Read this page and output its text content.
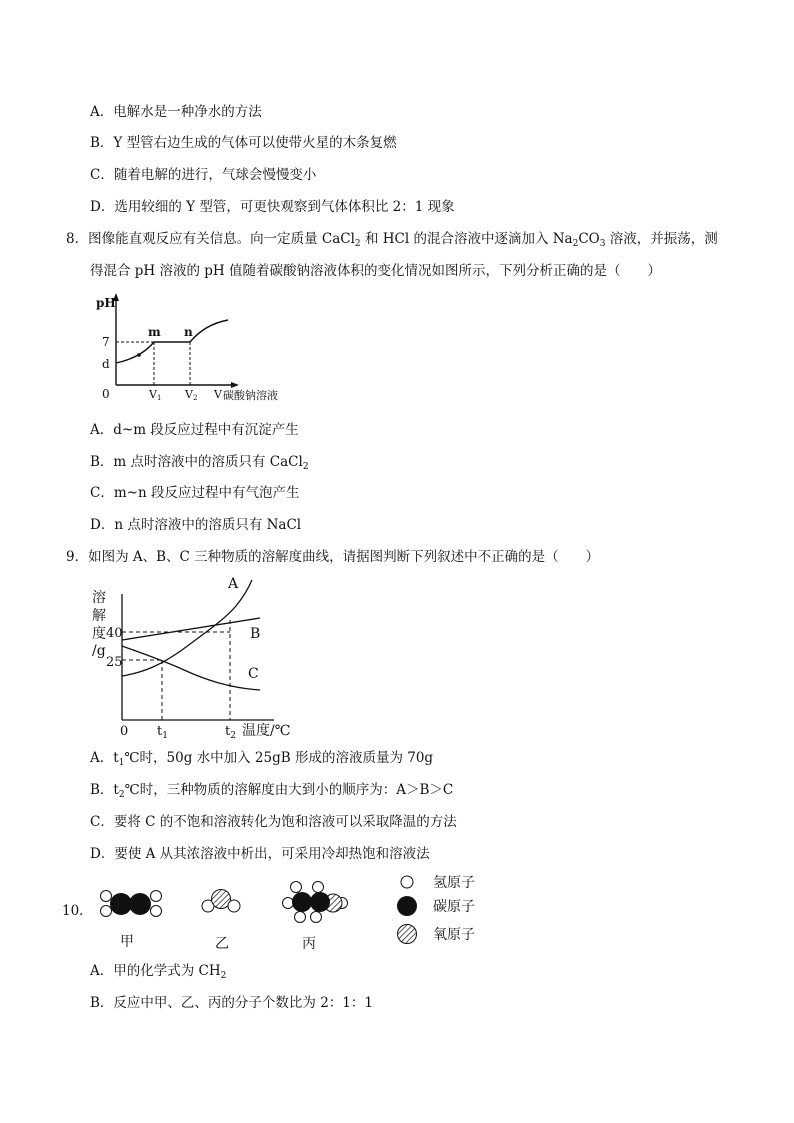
A．电解水是一种净水的方法
B．Y 型管右边生成的气体可以使带火星的木条复燃
C．随着电解的进行，气球会慢慢变小
D．选用较细的 Y 型管，可更快观察到气体体积比 2：1 现象
8．图像能直观反应有关信息。向一定质量 CaCl$_2$ 和 HCl 的混合溶液中逐滴加入 $Na_2CO_3$ 溶液，并振荡，测
得混合 pH 溶液的 pH 值随着碳酸钠溶液体积的变化情况如图所示，下列分析正确的是（　　）
pH
7
d
0
m n
V1 V2 V 碳酸钠溶液
A．d~m 段反应过程中有沉淀产生
B．m 点时溶液中的溶质只有 CaCl$_2$
C．m~n 段反应过程中有气泡产生
D．n 点时溶液中的溶质只有 NaCl
9．如图为 A、B、C 三种物质的溶解度曲线，请据图判断下列叙述中不正确的是（　　）
溶
解
度
/g
40
25
0
A
B
C
$t_1$	$t_2$ 温度/℃
A．$t_1℃$时，50g 水中加入 25gB 形成的溶液质量为 70g
B．$t_2℃$时，三种物质的溶解度由大到小的顺序为：A＞B＞C
C．要将 C 的不饱和溶液转化为饱和溶液可以采取降温的方法
D．要使 A 从其浓溶液中析出，可采用冷却热饱和溶液法
10．
甲	乙	丙
氢原子
碳原子
氧原子
A．甲的化学式为 $CH_2$
B．反应中甲、乙、丙的分子个数比为 2：1：1
